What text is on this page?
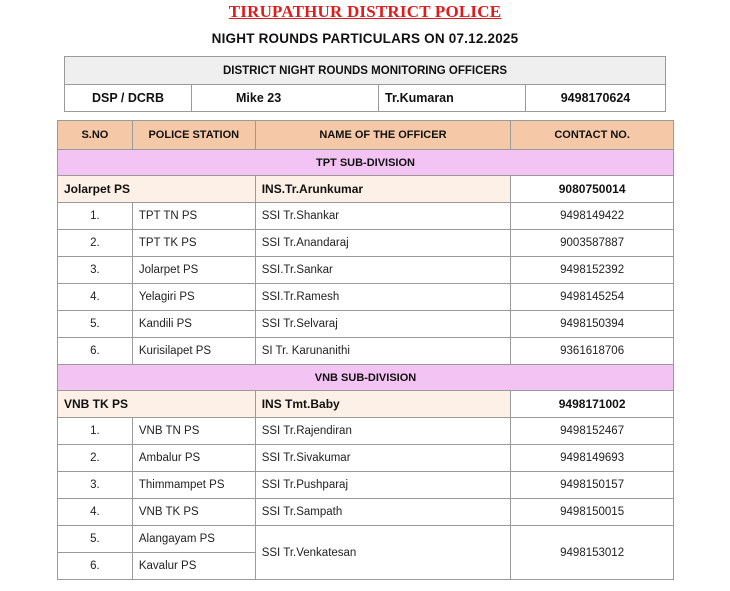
TIRUPATHUR DISTRICT POLICE
NIGHT ROUNDS PARTICULARS ON 07.12.2025
DISTRICT NIGHT ROUNDS MONITORING OFFICERS
DSP / DCRB	Mike 23	Tr.Kumaran	9498170624
S.NO	POLICE STATION	NAME OF THE OFFICER	CONTACT NO.
TPT SUB-DIVISION			
Jolarpet PS		INS.Tr.Arunkumar	9080750014
1.	TPT TN PS	SSI Tr.Shankar	9498149422
2.	TPT TK PS	SSI Tr.Anandaraj	9003587887
3.	Jolarpet PS	SSI.Tr.Sankar	9498152392
4.	Yelagiri PS	SSI.Tr.Ramesh	9498145254
5.	Kandili PS	SSI Tr.Selvaraj	9498150394
6.	Kurisilapet PS	SI Tr. Karunanithi	9361618706
VNB SUB-DIVISION			
VNB TK PS		INS Tmt.Baby	9498171002
1.	VNB TN PS	SSI Tr.Rajendiran	9498152467
2.	Ambalur PS	SSI Tr.Sivakumar	9498149693
3.	Thimmampet PS	SSI Tr.Pushparaj	9498150157
4.	VNB TK PS	SSI Tr.Sampath	9498150015
5.	Alangayam PS	SSI Tr.Venkatesan	9498153012
6.	Kavalur PS		
